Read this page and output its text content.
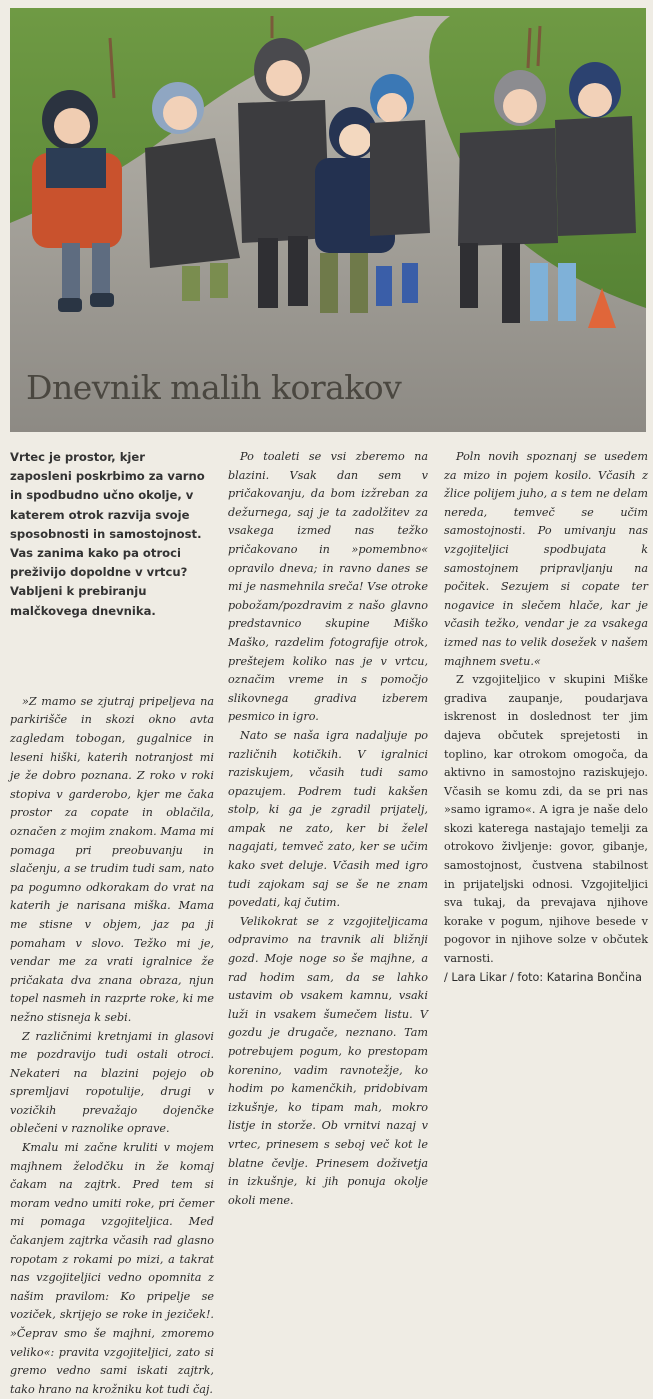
Dnevnik malih korakov
Vrtec je prostor, kjer zaposleni poskrbimo za varno in spodbudno učno okolje, v katerem otrok razvija svoje sposobnosti in samostojnost. Vas zanima kako pa otroci preživijo dopoldne v vrtcu? Vabljeni k prebiranju malčkovega dnevnika.

»Z mamo se zjutraj pripeljeva na parkirišče in skozi okno avta zagledam tobogan, gugalnice in leseni hiški, katerih notranjost mi je že dobro poznana. Z roko v roki stopiva v garderobo, kjer me čaka prostor za copate in oblačila, označen z mojim znakom. Mama mi pomaga pri preobuvanju in slačenju, a se trudim tudi sam, nato pa pogumno odkorakam do vrat na katerih je narisana miška. Mama me stisne v objem, jaz pa ji pomaham v slovo. Težko mi je, vendar me za vrati igralnice že pričakata dva znana obraza, njun topel nasmeh in razprte roke, ki me nežno stisneja k sebi.

Z različnimi kretnjami in glasovi me pozdravijo tudi ostali otroci. Nekateri na blazini pojejo ob spremljavi ropotulije, drugi v vozičkih prevažajo dojenčke oblečeni v raznolike oprave.

Kmalu mi začne kruliti v mojem majhnem želodčku in že komaj čakam na zajtrk. Pred tem si moram vedno umiti roke, pri čemer mi pomaga vzgojiteljica. Med čakanjem zajtrka včasih rad glasno ropotam z rokami po mizi, a takrat nas vzgojiteljici vedno opomnita z našim pravilom: Ko pripelje se voziček, skrijejo se roke in jeziček!. »Čeprav smo še majhni, zmoremo veliko«: pravita vzgojiteljici, zato si gremo vedno sami iskati zajtrk, tako hrano na krožniku kot tudi čaj.

Po toaleti se vsi zberemo na blazini. Vsak dan sem v pričakovanju, da bom izžreban za dežurnega, saj je ta zadolžitev za vsakega izmed nas težko pričakovano in »pomembno« opravilo dneva; in ravno danes se mi je nasmehnila sreča! Vse otroke pobožam/pozdravim z našo glavno predstavnico skupine Miško Maško, razdelim fotografije otrok, preštejem koliko nas je v vrtcu, označim vreme in s pomočjo slikovnega gradiva izberem pesmico in igro.

Nato se naša igra nadaljuje po različnih kotičkih. V igralnici raziskujem, včasih tudi samo opazujem. Podrem tudi kakšen stolp, ki ga je zgradil prijatelj, ampak ne zato, ker bi želel nagajati, temveč zato, ker se učim kako svet deluje. Včasih med igro tudi zajokam saj se še ne znam povedati, kaj čutim.

Velikokrat se z vzgojiteljicama odpravimo na travnik ali bližnji gozd. Moje noge so še majhne, a rad hodim sam, da se lahko ustavim ob vsakem kamnu, vsaki luži in vsakem šumečem listu. V gozdu je drugače, neznano. Tam potrebujem pogum, ko prestopam korenino, vadim ravnotežje, ko hodim po kamenčkih, pridobivam izkušnje, ko tipam mah, mokro listje in storže. Ob vrnitvi nazaj v vrtec, prinesem s seboj več kot le blatne čevlje. Prinesem doživetja in izkušnje, ki jih ponuja okolje okoli mene.

Poln novih spoznanj se usedem za mizo in pojem kosilo. Včasih z žlice polijem juho, a s tem ne delam nereda, temveč se učim samostojnosti. Po umivanju nas vzgojiteljici spodbujata k samostojnem pripravljanju na počitek. Sezujem si copate ter nogavice in slečem hlače, kar je včasih težko, vendar je za vsakega izmed nas to velik dosežek v našem majhnem svetu.«

Z vzgojiteljico v skupini Miške gradiva zaupanje, poudarjava iskrenost in doslednost ter jim dajeva občutek sprejetosti in toplino, kar otrokom omogoča, da aktivno in samostojno raziskujejo. Včasih se komu zdi, da se pri nas »samo igramo«. A igra je naše delo skozi katerega nastajajo temelji za otrokovo življenje: govor, gibanje, samostojnost, čustvena stabilnost in prijateljski odnosi. Vzgojiteljici sva tukaj, da prevajava njihove korake v pogum, njihove besede v pogovor in njihove solze v občutek varnosti.

/ Lara Likar / foto: Katarina Bončina
